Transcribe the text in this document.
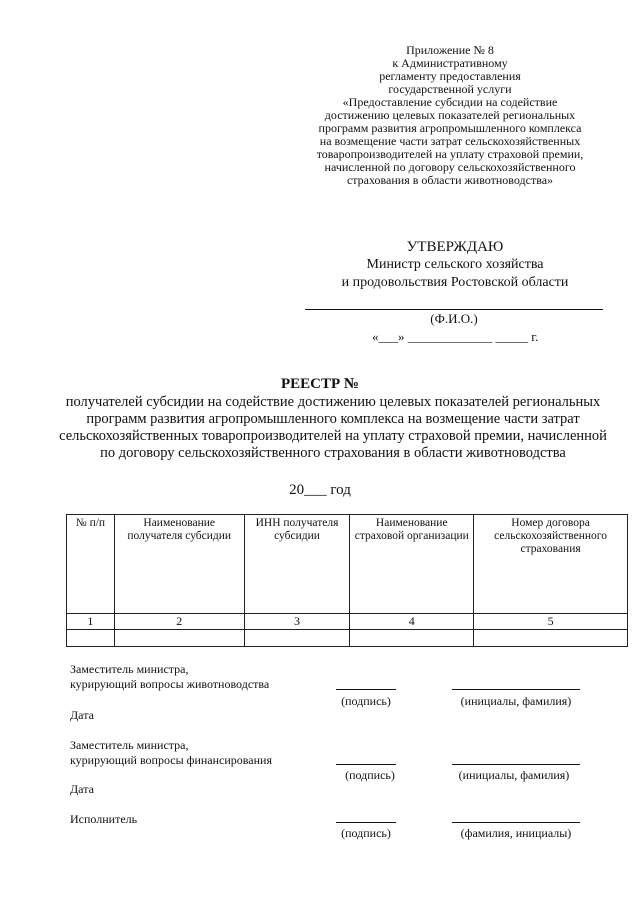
Приложение № 8
к Административному
регламенту предоставления
государственной услуги
«Предоставление субсидии на содействие
достижению целевых показателей региональных
программ развития агропромышленного комплекса
на возмещение части затрат сельскохозяйственных
товаропроизводителей на уплату страховой премии,
начисленной по договору сельскохозяйственного
страхования в области животноводства»
УТВЕРЖДАЮ
Министр сельского хозяйства
и продовольствия Ростовской области
(Ф.И.О.)
«___» _____________ _____ г.
РЕЕСТР №
получателей субсидии на содействие достижению целевых показателей региональных программ развития агропромышленного комплекса на возмещение части затрат сельскохозяйственных товаропроизводителей на уплату страховой премии, начисленной по договору сельскохозяйственного страхования в области животноводства
20___ год
№ п/п	Наименование получателя субсидии	ИНН получателя субсидии	Наименование страховой организации	Номер договора сельскохозяйственного страхования
1	2	3	4	5

Заместитель министра,
курирующий вопросы животноводства
(подпись)	(инициалы, фамилия)
Дата
Заместитель министра,
курирующий вопросы финансирования
(подпись)	(инициалы, фамилия)
Дата
Исполнитель
(подпись)	(фамилия, инициалы)
